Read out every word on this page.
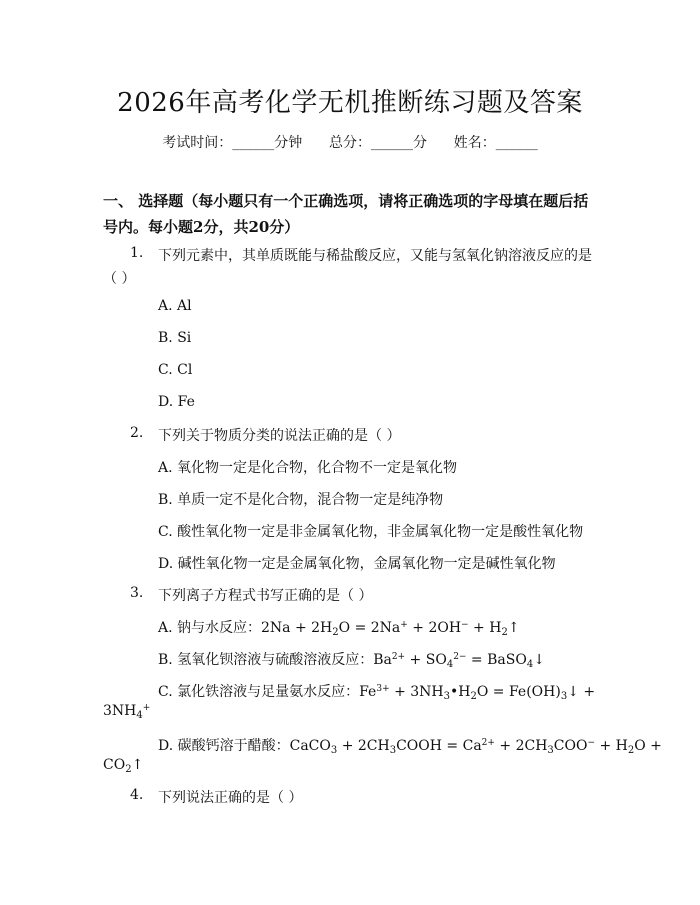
2026年高考化学无机推断练习题及答案
考试时间：______分钟      总分：______分      姓名：______
一、 选择题（每小题只有一个正确选项，请将正确选项的字母填在题后括号内。每小题2分，共20分）
1. 下列元素中，其单质既能与稀盐酸反应，又能与氢氧化钠溶液反应的是
（ ）
A. Al
B. Si
C. Cl
D. Fe
2. 下列关于物质分类的说法正确的是（ ）
A. 氧化物一定是化合物，化合物不一定是氧化物
B. 单质一定不是化合物，混合物一定是纯净物
C. 酸性氧化物一定是非金属氧化物，非金属氧化物一定是酸性氧化物
D. 碱性氧化物一定是金属氧化物，金属氧化物一定是碱性氧化物
3. 下列离子方程式书写正确的是（ ）
A. 钠与水反应：$2Na + 2H_2O = 2Na^+ + 2OH^-$ + $H_2↑$
B. 氢氧化钡溶液与硫酸溶液反应：$Ba^{2+} + SO_4^{2-}$ = BaSO$_4$↓
C. 氯化铁溶液与足量氨水反应：$Fe^{3+}$ + $3NH_3•H_2O$ = $Fe(OH)_3↓$ +
$3NH_4^+$
D. 碳酸钙溶于醋酸：CaCO$_3$ + $2CH_3COOH = Ca^{2+} + 2CH_3COO^- + H_2O$ +
$CO_2↑$
4. 下列说法正确的是（ ）
